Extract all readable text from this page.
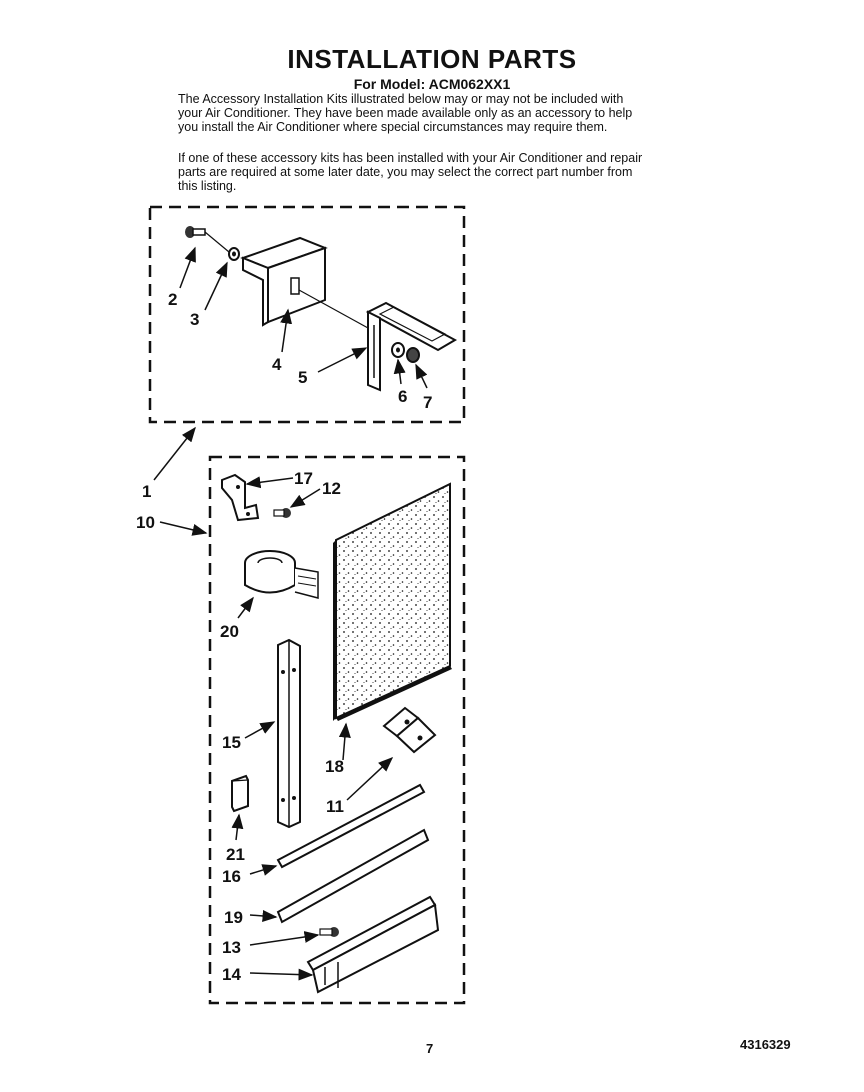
INSTALLATION PARTS
For Model: ACM062XX1
The Accessory Installation Kits illustrated below may or may not be included with your Air Conditioner. They have been made available only as an accessory to help you install the Air Conditioner where special circumstances may require them.
If one of these accessory kits has been installed with your Air Conditioner and repair parts are required at some later date, you may select the correct part number from this listing.
2
3
4
5
6 7
1
10
17
12
20
18
15
11
21
16
19
13
14
7	4316329
